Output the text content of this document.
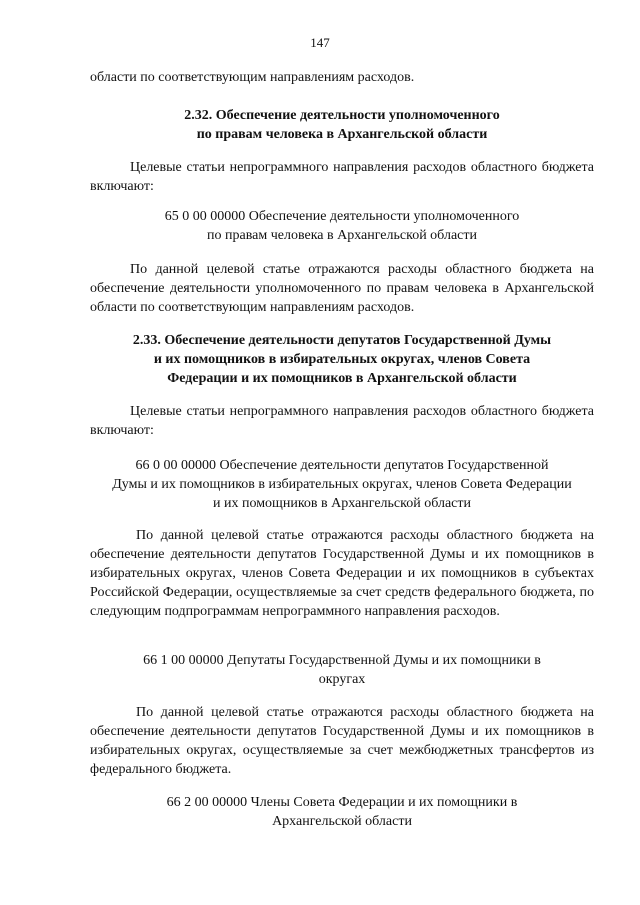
147
области по соответствующим направлениям расходов.
2.32. Обеспечение деятельности уполномоченного
по правам человека в Архангельской области
Целевые статьи непрограммного направления расходов областного бюджета включают:
65 0 00 00000 Обеспечение деятельности уполномоченного
по правам человека в Архангельской области
По данной целевой статье отражаются расходы областного бюджета на обеспечение деятельности уполномоченного по правам человека в Архангельской области по соответствующим направлениям расходов.
2.33. Обеспечение деятельности депутатов Государственной Думы
и их помощников в избирательных округах, членов Совета
Федерации и их помощников в Архангельской области
Целевые статьи непрограммного направления расходов областного бюджета включают:
66 0 00 00000 Обеспечение деятельности депутатов Государственной
Думы и их помощников в избирательных округах, членов Совета Федерации
и их помощников в Архангельской области
По данной целевой статье отражаются расходы областного бюджета на обеспечение деятельности депутатов Государственной Думы и их помощников в избирательных округах, членов Совета Федерации и их помощников в субъектах Российской Федерации, осуществляемые за счет средств федерального бюджета, по следующим подпрограммам непрограммного направления расходов.
66 1 00 00000 Депутаты Государственной Думы и их помощники в
округах
По данной целевой статье отражаются расходы областного бюджета на обеспечение деятельности депутатов Государственной Думы и их помощников в избирательных округах, осуществляемые за счет межбюджетных трансфертов из федерального бюджета.
66 2 00 00000 Члены Совета Федерации и их помощники в
Архангельской области
